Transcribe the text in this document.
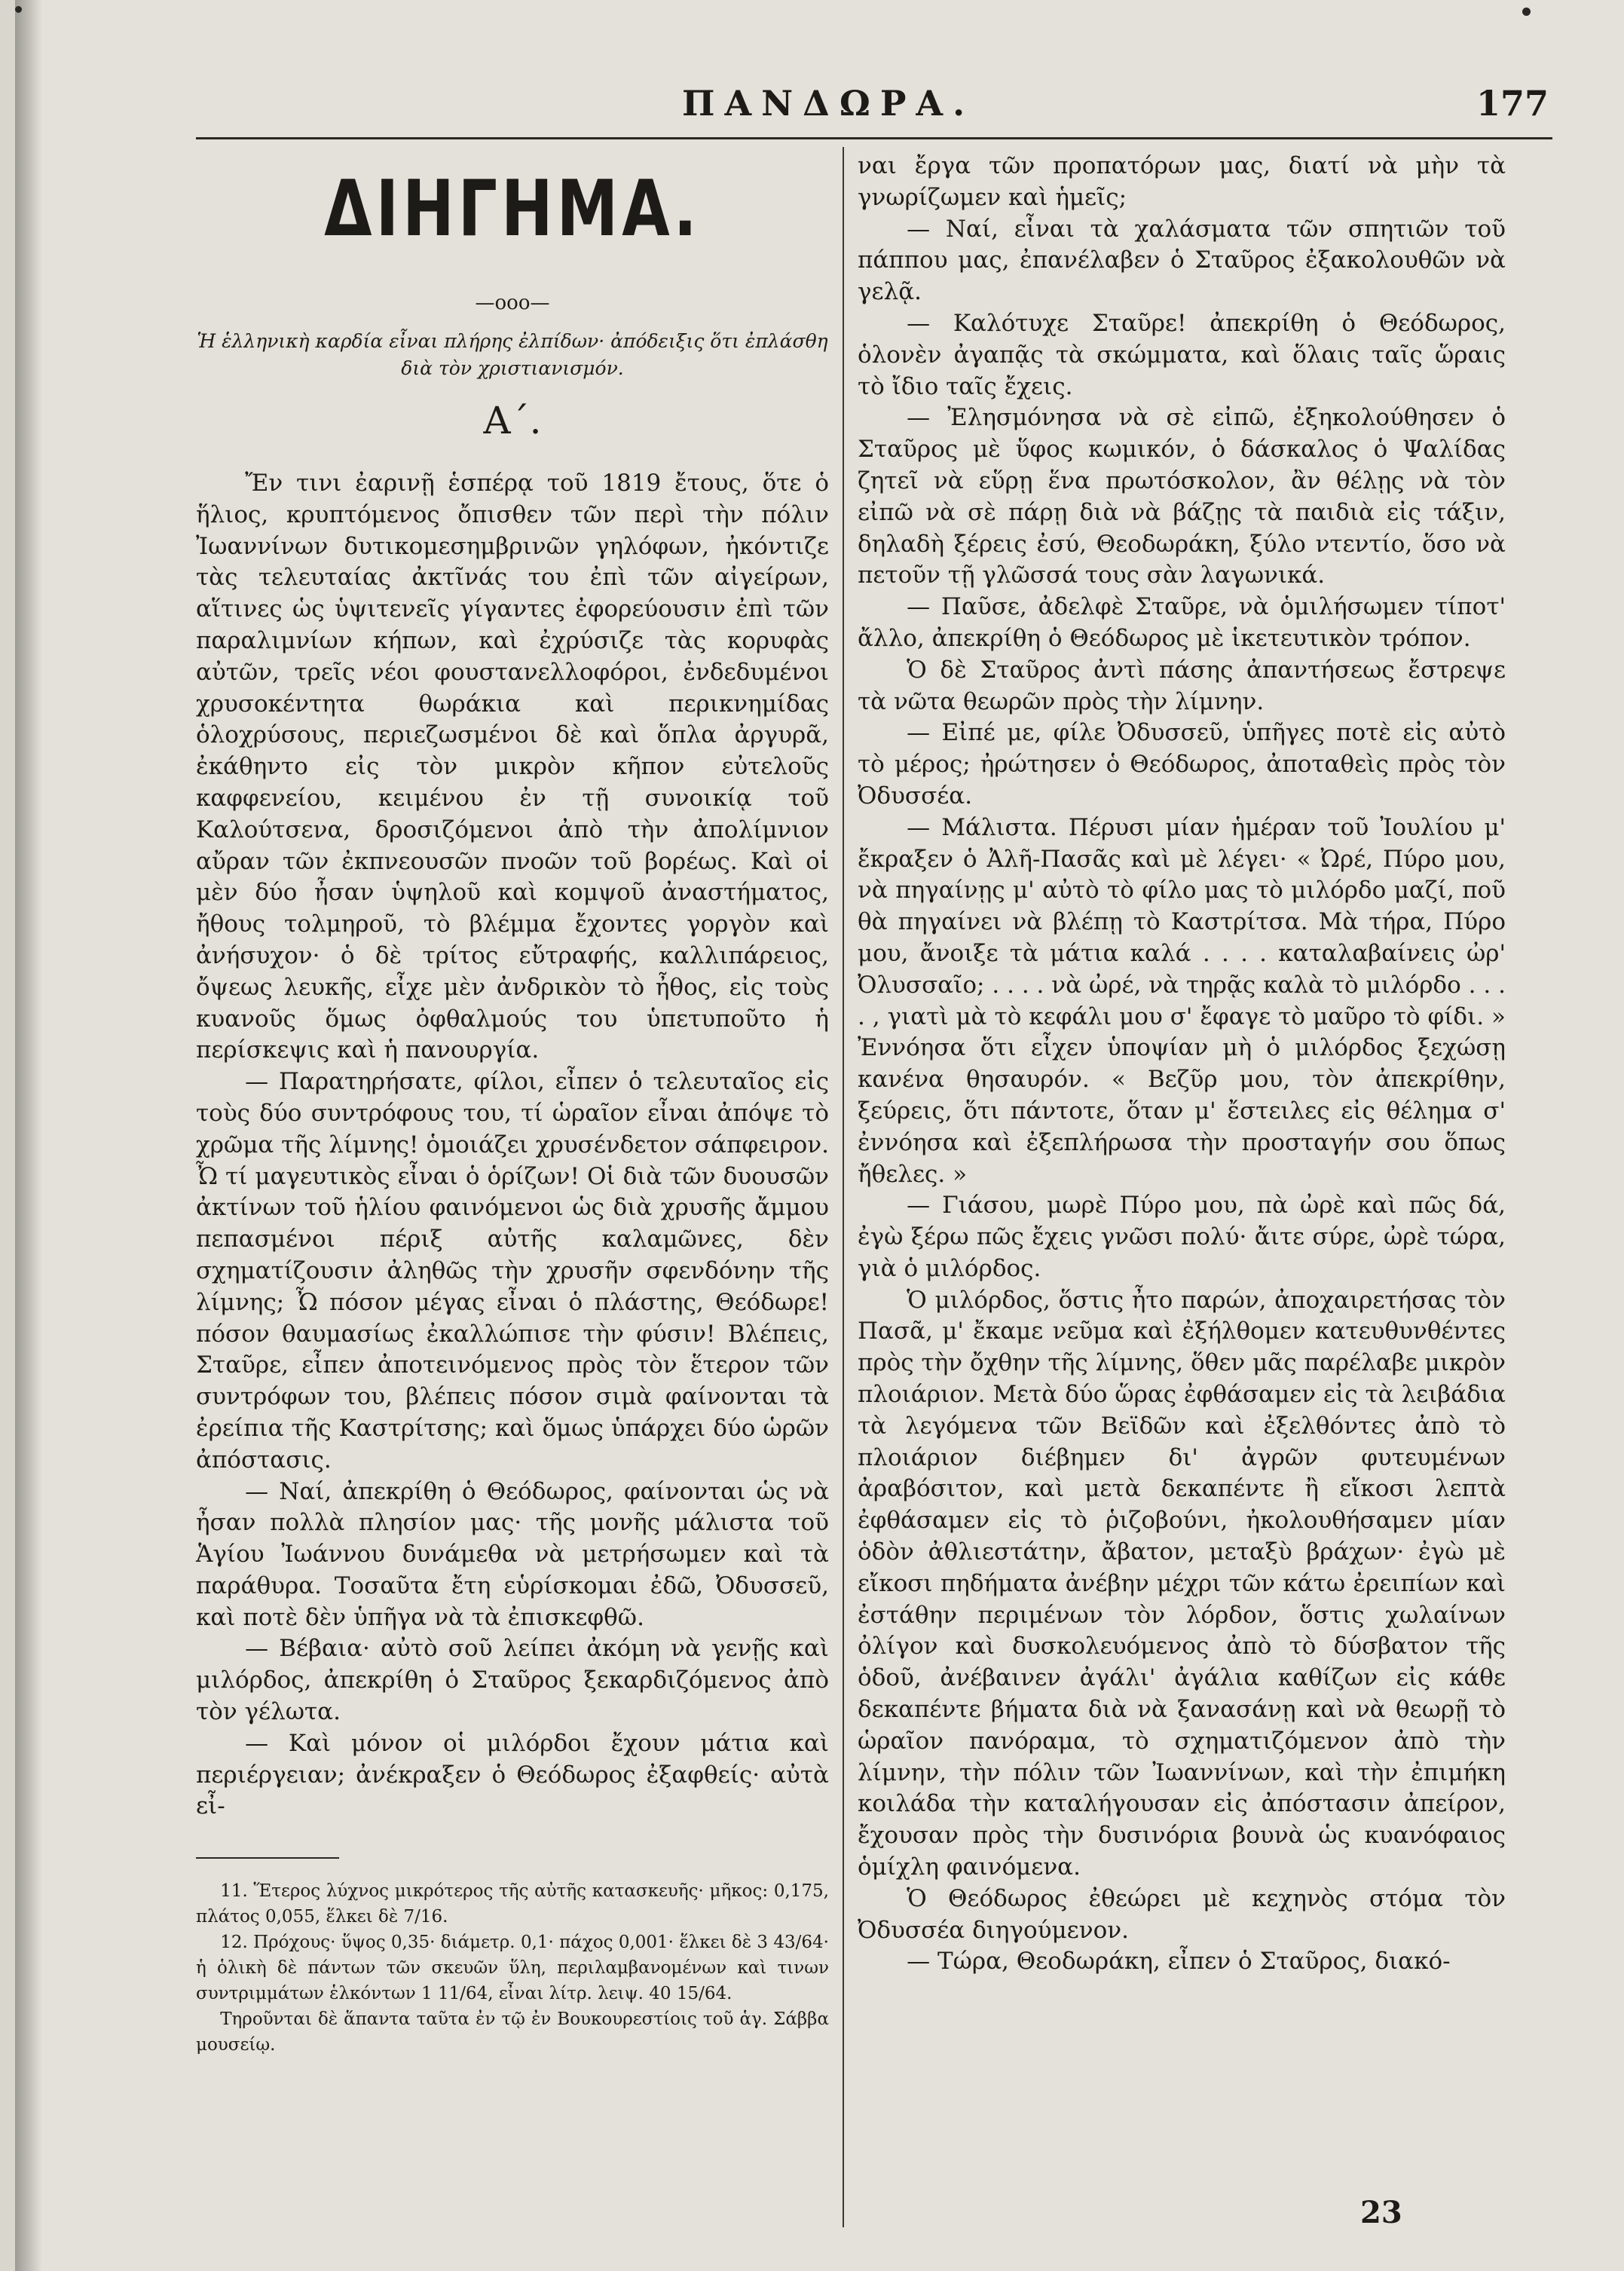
ΠΑΝΔΩΡΑ.	177
ΔΙΗΓΗΜΑ.
—οοο—
Ἡ ἑλληνικὴ καρδία εἶναι πλήρης ἐλπίδων· ἀπόδειξις ὅτι ἐπλάσθη διὰ τὸν χριστιανισμόν.
Α΄.

Ἔν τινι ἐαρινῇ ἑσπέρᾳ τοῦ 1819 ἔτους, ὅτε ὁ ἥλιος, κρυπτόμενος ὄπισθεν τῶν περὶ τὴν πόλιν Ἰωαννίνων δυτικομεσημβρινῶν γηλόφων, ἠκόντιζε τὰς τελευταίας ἀκτῖνάς του ἐπὶ τῶν αἰγείρων, αἵτινες ὡς ὑψιτενεῖς γίγαντες ἐφορεύουσιν ἐπὶ τῶν παραλιμνίων κήπων, καὶ ἐχρύσιζε τὰς κορυφὰς αὐτῶν, τρεῖς νέοι φουστανελλοφόροι, ἐνδεδυμένοι χρυσοκέντητα θωράκια καὶ περικνημίδας ὁλοχρύσους, περιεζωσμένοι δὲ καὶ ὅπλα ἀργυρᾶ, ἐκάθηντο εἰς τὸν μικρὸν κῆπον εὐτελοῦς καφφενείου, κειμένου ἐν τῇ συνοικίᾳ τοῦ Καλούτσενα, δροσιζόμενοι ἀπὸ τὴν ἀπολίμνιον αὔραν τῶν ἐκπνεουσῶν πνοῶν τοῦ βορέως. Καὶ οἱ μὲν δύο ἦσαν ὑψηλοῦ καὶ κομψοῦ ἀναστήματος, ἤθους τολμηροῦ, τὸ βλέμμα ἔχοντες γοργὸν καὶ ἀνήσυχον· ὁ δὲ τρίτος εὔτραφής, καλλιπάρειος, ὄψεως λευκῆς, εἶχε μὲν ἀνδρικὸν τὸ ἦθος, εἰς τοὺς κυανοῦς ὅμως ὀφθαλμούς του ὑπετυποῦτο ἡ περίσκεψις καὶ ἡ πανουργία.

— Παρατηρήσατε, φίλοι, εἶπεν ὁ τελευταῖος εἰς τοὺς δύο συντρόφους του, τί ὡραῖον εἶναι ἀπόψε τὸ χρῶμα τῆς λίμνης! ὁμοιάζει χρυσένδετον σάπφειρον. Ὦ τί μαγευτικὸς εἶναι ὁ ὁρίζων! Οἱ διὰ τῶν δυουσῶν ἀκτίνων τοῦ ἡλίου φαινόμενοι ὡς διὰ χρυσῆς ἄμμου πεπασμένοι πέριξ αὐτῆς καλαμῶνες, δὲν σχηματίζουσιν ἀληθῶς τὴν χρυσῆν σφενδόνην τῆς λίμνης; Ὦ πόσον μέγας εἶναι ὁ πλάστης, Θεόδωρε! πόσον θαυμασίως ἐκαλλώπισε τὴν φύσιν! Βλέπεις, Σταῦρε, εἶπεν ἀποτεινόμενος πρὸς τὸν ἕτερον τῶν συντρόφων του, βλέπεις πόσον σιμὰ φαίνονται τὰ ἐρείπια τῆς Καστρίτσης; καὶ ὅμως ὑπάρχει δύο ὡρῶν ἀπόστασις.

— Ναί, ἀπεκρίθη ὁ Θεόδωρος, φαίνονται ὡς νὰ ἦσαν πολλὰ πλησίον μας· τῆς μονῆς μάλιστα τοῦ Ἁγίου Ἰωάννου δυνάμεθα νὰ μετρήσωμεν καὶ τὰ παράθυρα. Τοσαῦτα ἔτη εὑρίσκομαι ἐδῶ, Ὀδυσσεῦ, καὶ ποτὲ δὲν ὑπῆγα νὰ τὰ ἐπισκεφθῶ.

— Βέβαια· αὐτὸ σοῦ λείπει ἀκόμη νὰ γενῇς καὶ μιλόρδος, ἀπεκρίθη ὁ Σταῦρος ξεκαρδιζόμενος ἀπὸ τὸν γέλωτα.

— Καὶ μόνον οἱ μιλόρδοι ἔχουν μάτια καὶ περιέργειαν; ἀνέκραξεν ὁ Θεόδωρος ἐξαφθείς· αὐτὰ εἶ-

11. Ἕτερος λύχνος μικρότερος τῆς αὐτῆς κατασκευῆς· μῆκος: 0,175, πλάτος 0,055, ἕλκει δὲ 7/16.

12. Πρόχους· ὕψος 0,35· διάμετρ. 0,1· πάχος 0,001· ἕλκει δὲ 3 43/64· ἡ ὁλικὴ δὲ πάντων τῶν σκευῶν ὕλη, περιλαμβανομένων καὶ τινων συντριμμάτων ἑλκόντων 1 11/64, εἶναι λίτρ. λειψ. 40 15/64.

Τηροῦνται δὲ ἅπαντα ταῦτα ἐν τῷ ἐν Βουκουρεστίοις τοῦ ἁγ. Σάββα μουσείῳ.

ναι ἔργα τῶν προπατόρων μας, διατί νὰ μὴν τὰ γνωρίζωμεν καὶ ἡμεῖς;

— Ναί, εἶναι τὰ χαλάσματα τῶν σπητιῶν τοῦ πάππου μας, ἐπανέλαβεν ὁ Σταῦρος ἐξακολουθῶν νὰ γελᾷ.

— Καλότυχε Σταῦρε! ἀπεκρίθη ὁ Θεόδωρος, ὁλονὲν ἀγαπᾷς τὰ σκώμματα, καὶ ὅλαις ταῖς ὥραις τὸ ἴδιο ταῖς ἔχεις.

— Ἐλησμόνησα νὰ σὲ εἰπῶ, ἐξηκολούθησεν ὁ Σταῦρος μὲ ὕφος κωμικόν, ὁ δάσκαλος ὁ Ψαλίδας ζητεῖ νὰ εὕρῃ ἕνα πρωτόσκολον, ἂν θέλῃς νὰ τὸν εἰπῶ νὰ σὲ πάρῃ διὰ νὰ βάζῃς τὰ παιδιὰ εἰς τάξιν, δηλαδὴ ξέρεις ἐσύ, Θεοδωράκη, ξύλο ντεντίο, ὅσο νὰ πετοῦν τῇ γλῶσσά τους σὰν λαγωνικά.

— Παῦσε, ἀδελφὲ Σταῦρε, νὰ ὁμιλήσωμεν τίποτ' ἄλλο, ἀπεκρίθη ὁ Θεόδωρος μὲ ἱκετευτικὸν τρόπον.

Ὁ δὲ Σταῦρος ἀντὶ πάσης ἀπαντήσεως ἔστρεψε τὰ νῶτα θεωρῶν πρὸς τὴν λίμνην.

— Εἰπέ με, φίλε Ὀδυσσεῦ, ὑπῆγες ποτὲ εἰς αὐτὸ τὸ μέρος; ἠρώτησεν ὁ Θεόδωρος, ἀποταθεὶς πρὸς τὸν Ὀδυσσέα.

— Μάλιστα. Πέρυσι μίαν ἡμέραν τοῦ Ἰουλίου μ' ἔκραξεν ὁ Ἀλῆ-Πασᾶς καὶ μὲ λέγει· « Ὠρέ, Πύρο μου, νὰ πηγαίνῃς μ' αὐτὸ τὸ φίλο μας τὸ μιλόρδο μαζί, ποῦ θὰ πηγαίνει νὰ βλέπῃ τὸ Καστρίτσα. Μὰ τήρα, Πύρο μου, ἄνοιξε τὰ μάτια καλά . . . . καταλαβαίνεις ὠρ' Ὀλυσσαῖο; . . . . νὰ ὠρέ, νὰ τηρᾷς καλὰ τὸ μιλόρδο . . . . , γιατὶ μὰ τὸ κεφάλι μου σ' ἔφαγε τὸ μαῦρο τὸ φίδι. » Ἐννόησα ὅτι εἶχεν ὑποψίαν μὴ ὁ μιλόρδος ξεχώσῃ κανένα θησαυρόν. « Βεζῦρ μου, τὸν ἀπεκρίθην, ξεύρεις, ὅτι πάντοτε, ὅταν μ' ἔστειλες εἰς θέλημα σ' ἐννόησα καὶ ἐξεπλήρωσα τὴν προσταγήν σου ὅπως ἤθελες. »

— Γιάσου, μωρὲ Πύρο μου, πὰ ὠρὲ καὶ πῶς δά, ἐγὼ ξέρω πῶς ἔχεις γνῶσι πολύ· ἄιτε σύρε, ὠρὲ τώρα, γιὰ ὁ μιλόρδος.

Ὁ μιλόρδος, ὅστις ἦτο παρών, ἀποχαιρετήσας τὸν Πασᾶ, μ' ἔκαμε νεῦμα καὶ ἐξήλθομεν κατευθυνθέντες πρὸς τὴν ὄχθην τῆς λίμνης, ὅθεν μᾶς παρέλαβε μικρὸν πλοιάριον. Μετὰ δύο ὥρας ἐφθάσαμεν εἰς τὰ λειβάδια τὰ λεγόμενα τῶν Βεϊδῶν καὶ ἐξελθόντες ἀπὸ τὸ πλοιάριον διέβημεν δι' ἀγρῶν φυτευμένων ἀραβόσιτον, καὶ μετὰ δεκαπέντε ἢ εἴκοσι λεπτὰ ἐφθάσαμεν εἰς τὸ ῥιζοβούνι, ἠκολουθήσαμεν μίαν ὁδὸν ἀθλιεστάτην, ἄβατον, μεταξὺ βράχων· ἐγὼ μὲ εἴκοσι πηδήματα ἀνέβην μέχρι τῶν κάτω ἐρειπίων καὶ ἐστάθην περιμένων τὸν λόρδον, ὅστις χωλαίνων ὀλίγον καὶ δυσκολευόμενος ἀπὸ τὸ δύσβατον τῆς ὁδοῦ, ἀνέβαινεν ἀγάλι' ἀγάλια καθίζων εἰς κάθε δεκαπέντε βήματα διὰ νὰ ξανασάνῃ καὶ νὰ θεωρῇ τὸ ὡραῖον πανόραμα, τὸ σχηματιζόμενον ἀπὸ τὴν λίμνην, τὴν πόλιν τῶν Ἰωαννίνων, καὶ τὴν ἐπιμήκη κοιλάδα τὴν καταλήγουσαν εἰς ἀπόστασιν ἀπείρον, ἔχουσαν πρὸς τὴν δυσινόρια βουνὰ ὡς κυανόφαιος ὁμίχλη φαινόμενα.

Ὁ Θεόδωρος ἐθεώρει μὲ κεχηνὸς στόμα τὸν Ὀδυσσέα διηγούμενον.

— Τώρα, Θεοδωράκη, εἶπεν ὁ Σταῦρος, διακό-

23
